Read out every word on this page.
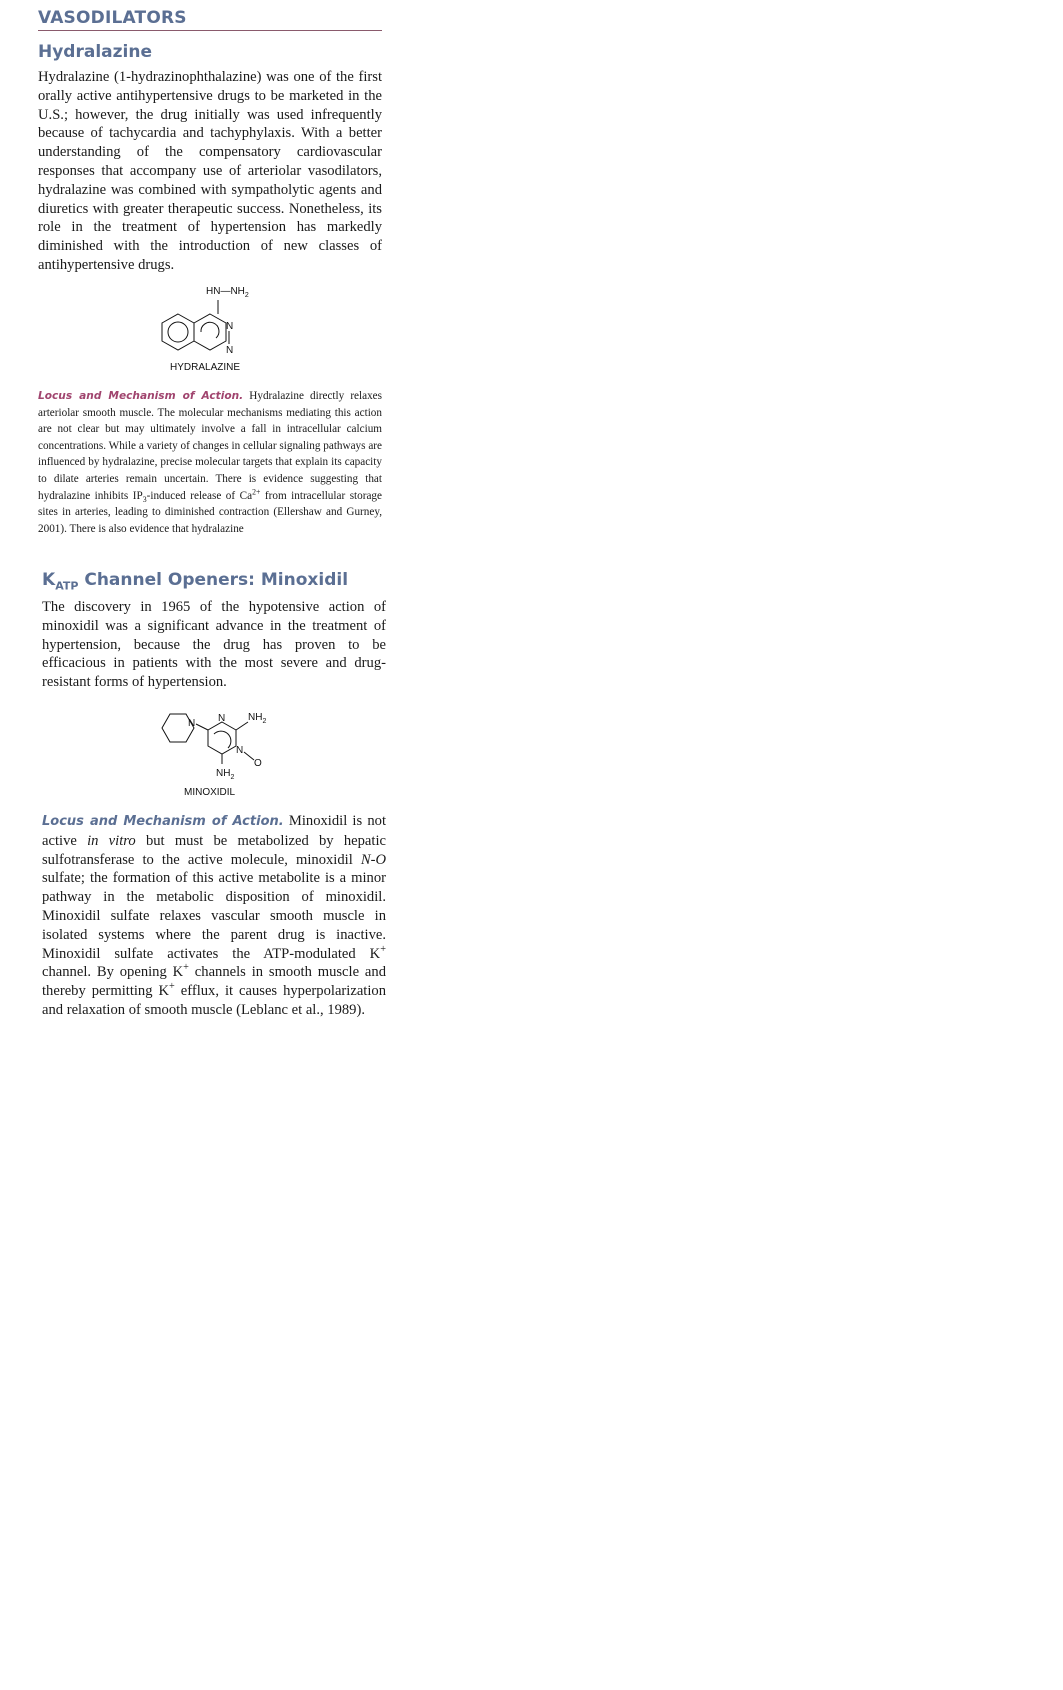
VASODILATORS
Hydralazine
Hydralazine (1-hydrazinophthalazine) was one of the first orally active antihypertensive drugs to be marketed in the U.S.; however, the drug initially was used infrequently because of tachycardia and tachyphylaxis. With a better understanding of the compensatory cardiovascular responses that accompany use of arteriolar vasodilators, hydralazine was combined with sympatholytic agents and diuretics with greater therapeutic success. Nonetheless, its role in the treatment of hypertension has markedly diminished with the introduction of new classes of antihypertensive drugs.
$HN—NH_2$
N
N
HYDRALAZINE
Locus and Mechanism of Action. Hydralazine directly relaxes arteriolar smooth muscle. The molecular mechanisms mediating this action are not clear but may ultimately involve a fall in intracellular calcium concentrations. While a variety of changes in cellular signaling pathways are influenced by hydralazine, precise molecular targets that explain its capacity to dilate arteries remain uncertain. There is evidence suggesting that hydralazine inhibits $IP_3$-induced release of $Ca^{2+}$ from intracellular storage sites in arteries, leading to diminished contraction (Ellershaw and Gurney, 2001). There is also evidence that hydralazine
$K_{ATP}$ Channel Openers: Minoxidil
The discovery in 1965 of the hypotensive action of minoxidil was a significant advance in the treatment of hypertension, because the drug has proven to be efficacious in patients with the most severe and drug-resistant forms of hypertension.
N N
N
$NH_2$
O
$NH_2$
MINOXIDIL
Locus and Mechanism of Action. Minoxidil is not active in vitro but must be metabolized by hepatic sulfotransferase to the active molecule, minoxidil N-O sulfate; the formation of this active metabolite is a minor pathway in the metabolic disposition of minoxidil. Minoxidil sulfate relaxes vascular smooth muscle in isolated systems where the parent drug is inactive. Minoxidil sulfate activates the ATP-modulated K+ channel. By opening K+ channels in smooth muscle and thereby permitting K+ efflux, it causes hyperpolarization and relaxation of smooth muscle (Leblanc et al., 1989).
